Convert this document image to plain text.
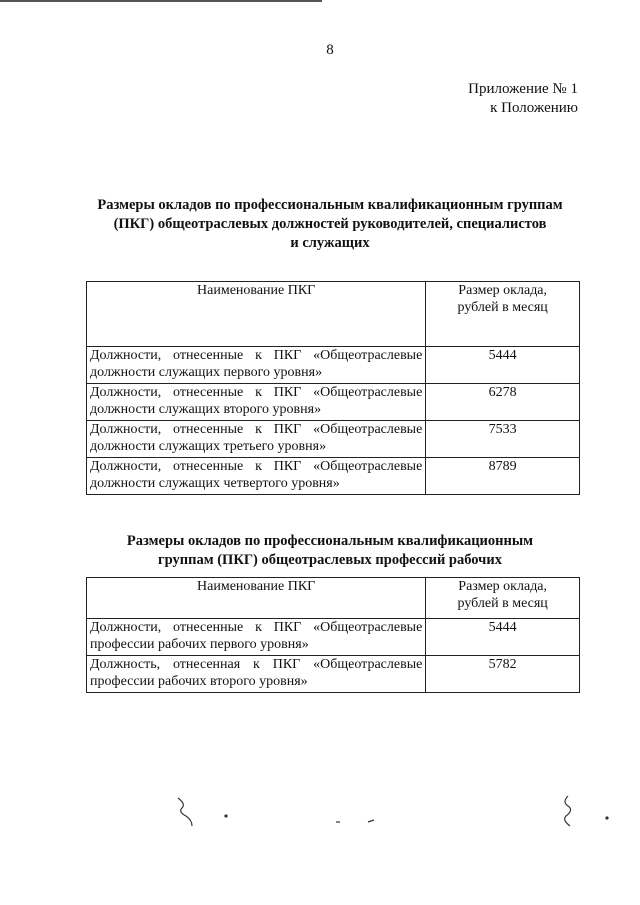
8
Приложение № 1
к Положению
Размеры окладов по профессиональным квалификационным группам
(ПКГ) общеотраслевых должностей руководителей, специалистов
и служащих
Наименование ПКГ	Размер оклада,
рублей в месяц

Должности, отнесенные к ПКГ «Общеотраслевые должности служащих первого уровня»	5444
Должности, отнесенные к ПКГ «Общеотраслевые должности служащих второго уровня»	6278
Должности, отнесенные к ПКГ «Общеотраслевые должности служащих третьего уровня»	7533
Должности, отнесенные к ПКГ «Общеотраслевые должности служащих четвертого уровня»	8789
Размеры окладов по профессиональным квалификационным
группам (ПКГ) общеотраслевых профессий рабочих
Наименование ПКГ	Размер оклада,
рублей в месяц

Должности, отнесенные к ПКГ «Общеотраслевые профессии рабочих первого уровня»	5444
Должность, отнесенная к ПКГ «Общеотраслевые профессии рабочих второго уровня»	5782
